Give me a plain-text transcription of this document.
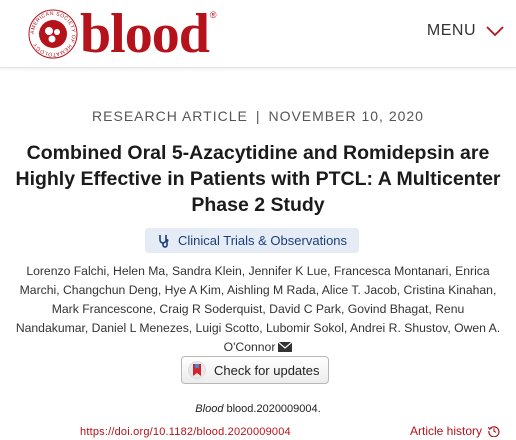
AMERICAN SOCIETY OF HEMATOLOGY blood ®
MENU
RESEARCH ARTICLE | NOVEMBER 10, 2020
Combined Oral 5-Azacytidine and Romidepsin are Highly Effective in Patients with PTCL: A Multicenter Phase 2 Study
Clinical Trials & Observations

Lorenzo Falchi, Helen Ma, Sandra Klein, Jennifer K Lue, Francesca Montanari, Enrica Marchi, Changchun Deng, Hye A Kim, Aishling M Rada, Alice T. Jacob, Cristina Kinahan, Mark Francescone, Craig R Soderquist, David C Park, Govind Bhagat, Renu Nandakumar, Daniel L Menezes, Luigi Scotto, Lubomir Sokol, Andrei R. Shustov, Owen A. O'Connor

Check for updates
Blood blood.2020009004.
https://doi.org/10.1182/blood.2020009004	Article history
